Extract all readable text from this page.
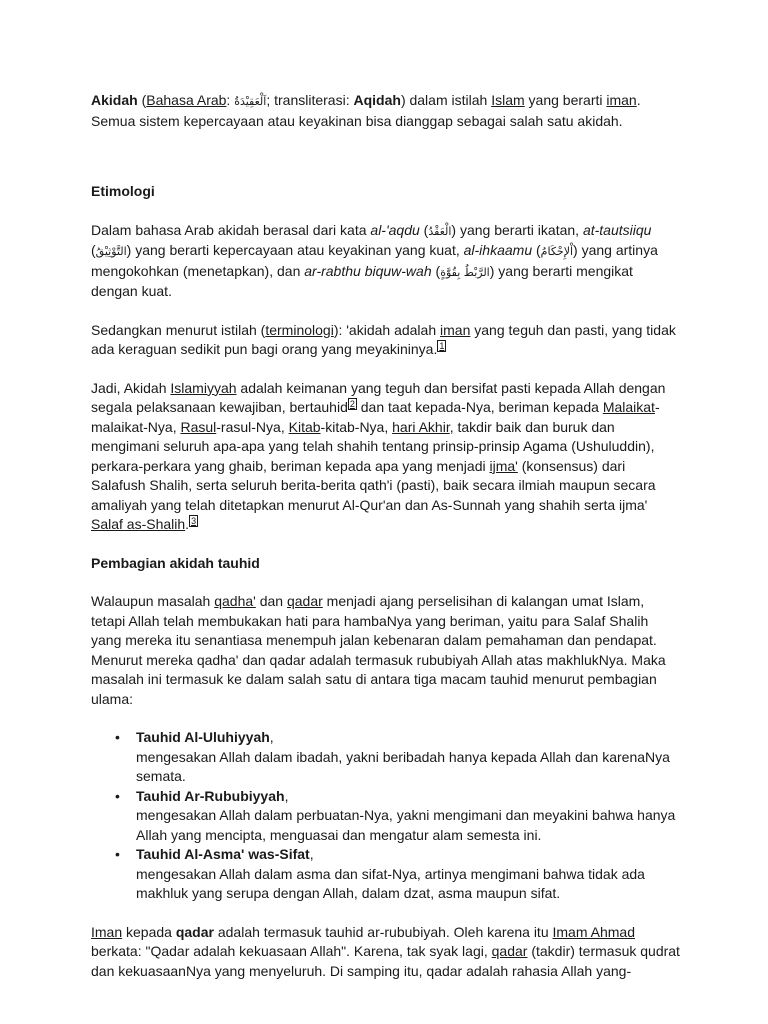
Akidah (Bahasa Arab: اَلْعَقِيْدَةُ; transliterasi: Aqidah) dalam istilah Islam yang berarti iman. Semua sistem kepercayaan atau keyakinan bisa dianggap sebagai salah satu akidah.

Etimologi

Dalam bahasa Arab akidah berasal dari kata al-'aqdu (الْعَقْدُ) yang berarti ikatan, at-tautsiiqu (التَّوْثِيْقُ) yang berarti kepercayaan atau keyakinan yang kuat, al-ihkaamu (اْلإِحْكَامُ) yang artinya mengokohkan (menetapkan), dan ar-rabthu biquw-wah (الرَّبْطُ بِقُوَّةٍ) yang berarti mengikat dengan kuat.

Sedangkan menurut istilah (terminologi): 'akidah adalah iman yang teguh dan pasti, yang tidak ada keraguan sedikit pun bagi orang yang meyakininya. $^1$

Jadi, Akidah Islamiyyah adalah keimanan yang teguh dan bersifat pasti kepada Allah dengan segala pelaksanaan kewajiban, bertauhid $^2$ dan taat kepada-Nya, beriman kepada Malaikat-malaikat-Nya, Rasul-rasul-Nya, Kitab-kitab-Nya, hari Akhir, takdir baik dan buruk dan mengimani seluruh apa-apa yang telah shahih tentang prinsip-prinsip Agama (Ushuluddin), perkara-perkara yang ghaib, beriman kepada apa yang menjadi ijma' (konsensus) dari Salafush Shalih, serta seluruh berita-berita qath'i (pasti), baik secara ilmiah maupun secara amaliyah yang telah ditetapkan menurut Al-Qur'an dan As-Sunnah yang shahih serta ijma' Salaf as-Shalih. $^3$

Pembagian akidah tauhid

Walaupun masalah qadha' dan qadar menjadi ajang perselisihan di kalangan umat Islam, tetapi Allah telah membukakan hati para hambaNya yang beriman, yaitu para Salaf Shalih yang mereka itu senantiasa menempuh jalan kebenaran dalam pemahaman dan pendapat. Menurut mereka qadha' dan qadar adalah termasuk rububiyah Allah atas makhlukNya. Maka masalah ini termasuk ke dalam salah satu di antara tiga macam tauhid menurut pembagian ulama:

• Tauhid Al-Uluhiyyah,
mengesakan Allah dalam ibadah, yakni beribadah hanya kepada Allah dan karenaNya semata.
• Tauhid Ar-Rububiyyah,
mengesakan Allah dalam perbuatan-Nya, yakni mengimani dan meyakini bahwa hanya Allah yang mencipta, menguasai dan mengatur alam semesta ini.
• Tauhid Al-Asma' was-Sifat,
mengesakan Allah dalam asma dan sifat-Nya, artinya mengimani bahwa tidak ada makhluk yang serupa dengan Allah, dalam dzat, asma maupun sifat.

Iman kepada qadar adalah termasuk tauhid ar-rububiyah. Oleh karena itu Imam Ahmad berkata: "Qadar adalah kekuasaan Allah". Karena, tak syak lagi, qadar (takdir) termasuk qudrat dan kekuasaanNya yang menyeluruh. Di samping itu, qadar adalah rahasia Allah yang-
